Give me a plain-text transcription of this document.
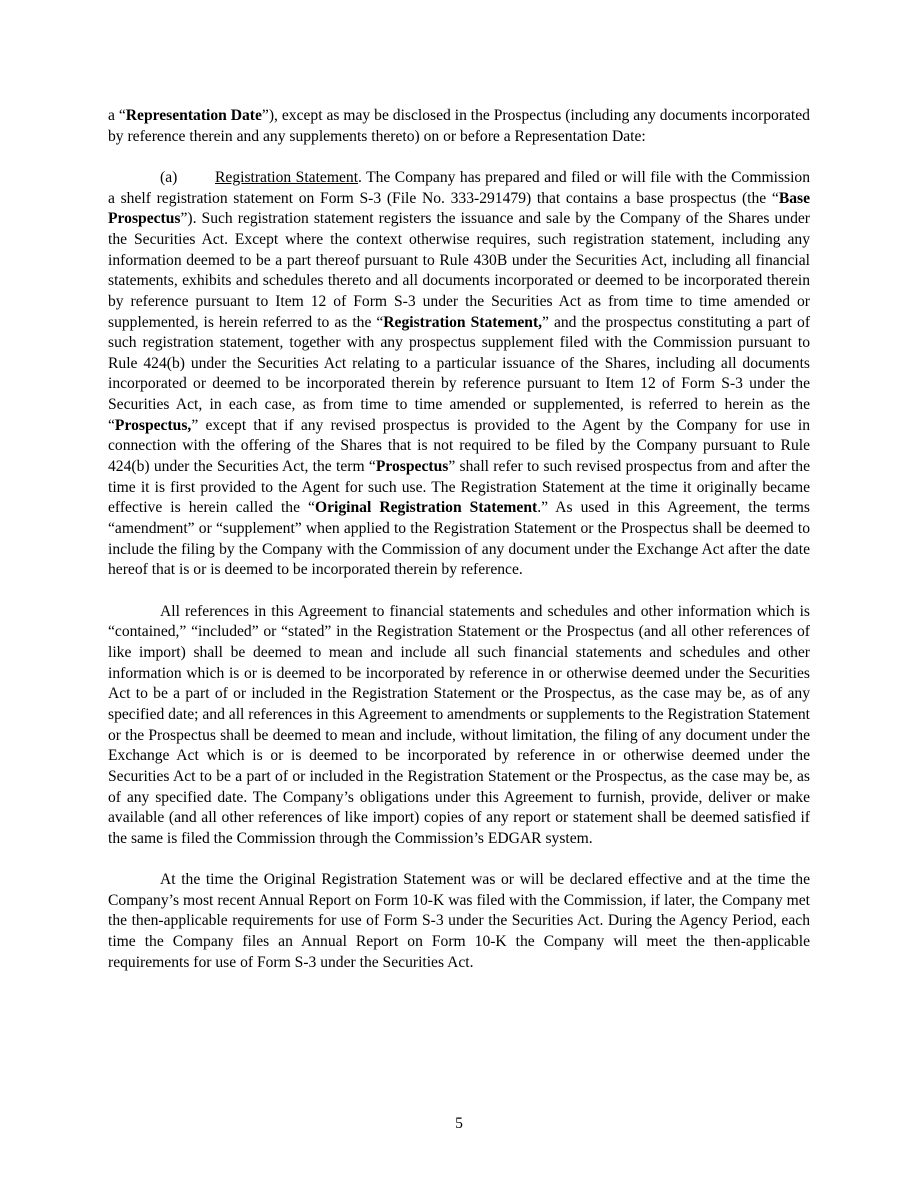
a “Representation Date”), except as may be disclosed in the Prospectus (including any documents incorporated by reference therein and any supplements thereto) on or before a Representation Date:

(a) Registration Statement. The Company has prepared and filed or will file with the Commission a shelf registration statement on Form S-3 (File No. 333-291479) that contains a base prospectus (the “Base Prospectus”). Such registration statement registers the issuance and sale by the Company of the Shares under the Securities Act. Except where the context otherwise requires, such registration statement, including any information deemed to be a part thereof pursuant to Rule 430B under the Securities Act, including all financial statements, exhibits and schedules thereto and all documents incorporated or deemed to be incorporated therein by reference pursuant to Item 12 of Form S-3 under the Securities Act as from time to time amended or supplemented, is herein referred to as the “Registration Statement,” and the prospectus constituting a part of such registration statement, together with any prospectus supplement filed with the Commission pursuant to Rule 424(b) under the Securities Act relating to a particular issuance of the Shares, including all documents incorporated or deemed to be incorporated therein by reference pursuant to Item 12 of Form S-3 under the Securities Act, in each case, as from time to time amended or supplemented, is referred to herein as the “Prospectus,” except that if any revised prospectus is provided to the Agent by the Company for use in connection with the offering of the Shares that is not required to be filed by the Company pursuant to Rule 424(b) under the Securities Act, the term “Prospectus” shall refer to such revised prospectus from and after the time it is first provided to the Agent for such use. The Registration Statement at the time it originally became effective is herein called the “Original Registration Statement.” As used in this Agreement, the terms “amendment” or “supplement” when applied to the Registration Statement or the Prospectus shall be deemed to include the filing by the Company with the Commission of any document under the Exchange Act after the date hereof that is or is deemed to be incorporated therein by reference.

All references in this Agreement to financial statements and schedules and other information which is “contained,” “included” or “stated” in the Registration Statement or the Prospectus (and all other references of like import) shall be deemed to mean and include all such financial statements and schedules and other information which is or is deemed to be incorporated by reference in or otherwise deemed under the Securities Act to be a part of or included in the Registration Statement or the Prospectus, as the case may be, as of any specified date; and all references in this Agreement to amendments or supplements to the Registration Statement or the Prospectus shall be deemed to mean and include, without limitation, the filing of any document under the Exchange Act which is or is deemed to be incorporated by reference in or otherwise deemed under the Securities Act to be a part of or included in the Registration Statement or the Prospectus, as the case may be, as of any specified date. The Company’s obligations under this Agreement to furnish, provide, deliver or make available (and all other references of like import) copies of any report or statement shall be deemed satisfied if the same is filed the Commission through the Commission’s EDGAR system.

At the time the Original Registration Statement was or will be declared effective and at the time the Company’s most recent Annual Report on Form 10-K was filed with the Commission, if later, the Company met the then-applicable requirements for use of Form S-3 under the Securities Act. During the Agency Period, each time the Company files an Annual Report on Form 10-K the Company will meet the then-applicable requirements for use of Form S-3 under the Securities Act.

5
